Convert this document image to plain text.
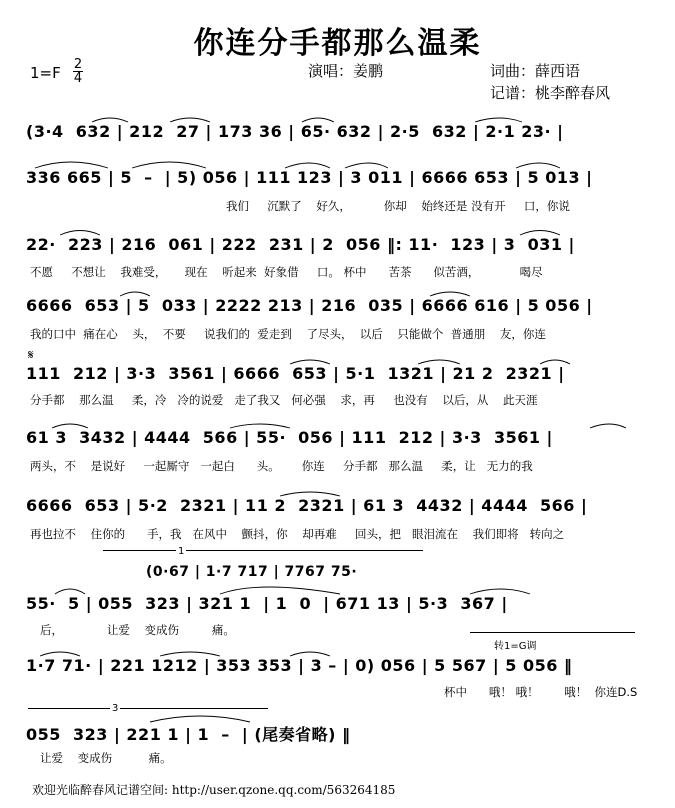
你连分手都那么温柔
1=F 2
4	演唱：姜鹏	词曲：薛西语
记谱：桃李醉春风
(3·4  632 | 212  27 | 173 36 | 65· 632 | 2·5  632 | 2·1 23· |
336 665 | 5  –  | 5) 056 | 111 123 | 3 011 | 6666 653 | 5 013 |
我们     沉默了    好久，         你却    始终还是 没有开     口，你说
22·  223 | 216  061 | 222  231 | 2  056 ‖: 11·  123 | 3  031 |
不愿     不想让    我难受，     现在    听起来  好象借     口。 杯中      苦茶      似苦酒，           喝尽
6666  653 | 5  033 | 2222 213 | 216  035 | 6666 616 | 5 056 |
我的口中  痛在心    头，  不要     说我们的  爱走到    了尽头，  以后    只能做个  普通朋    友，你连
𝄋
111  212 | 3·3  3561 | 6666  653 | 5·1  1321 | 21 2  2321 |
分手都    那么温     柔，冷   冷的说爱   走了我又   何必强    求，再     也没有    以后，从    此天涯
61 3  3432 | 4444  566 | 55·  056 | 111  212 | 3·3  3561 |
两头，不    是说好     一起厮守   一起白      头。      你连     分手都   那么温     柔，让   无力的我
6666  653 | 5·2  2321 | 11 2  2321 | 61 3  4432 | 4444  566 |
再也拉不    住你的      手，我   在风中    颤抖，你    却再难     回头，把   眼泪流在    我们即将   转向之
1
(0·67 | 1·7 717 | 7767 75·
55·  5 | 055  323 | 321 1  | 1  0  | 671 13 | 5·3  367 |
后，            让爱    变成伤         痛。
转1=G调
1·7 71· | 221 1212 | 353 353 | 3 – | 0) 056 | 5 567 | 5 056 ‖
杯中      哦！ 哦！       哦！  你连D.S
3
055  323 | 221 1 | 1  –  | (尾奏省略) ‖
让爱    变成伤          痛。
欢迎光临醉春风记谱空间: http://user.qzone.qq.com/563264185
